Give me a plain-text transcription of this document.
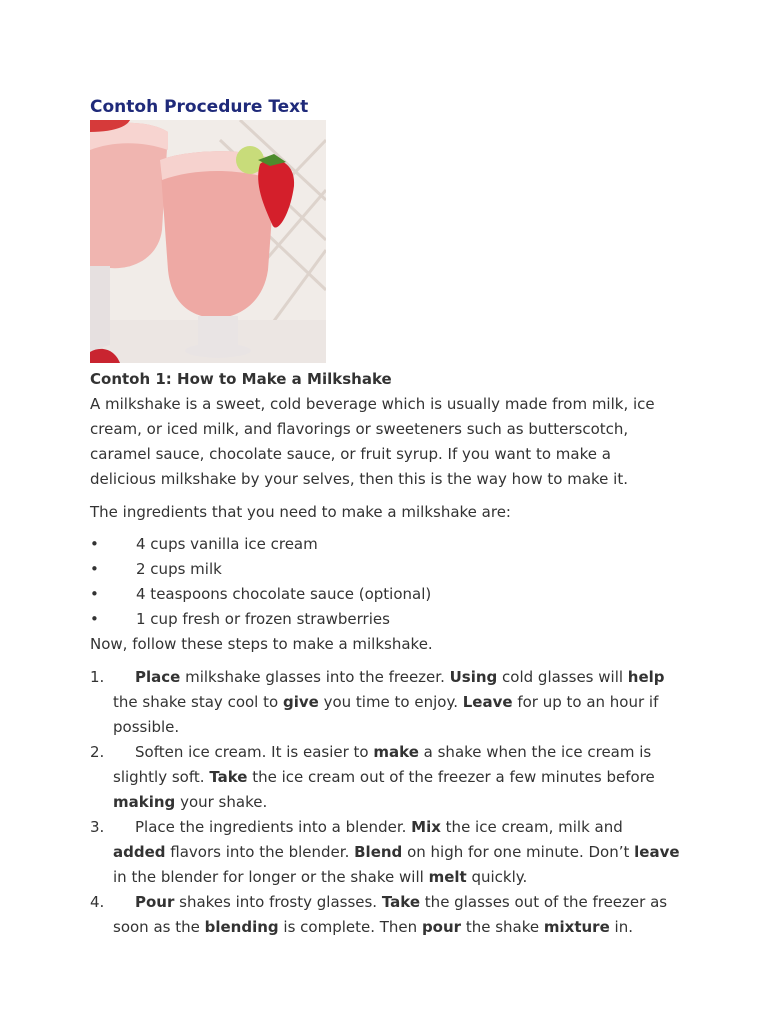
Contoh Procedure Text
Contoh 1: How to Make a Milkshake

A milkshake is a sweet, cold beverage which is usually made from milk, ice cream, or iced milk, and flavorings or sweeteners such as butterscotch, caramel sauce, chocolate sauce, or fruit syrup. If you want to make a delicious milkshake by your selves, then this is the way how to make it.

The ingredients that you need to make a milkshake are:

• 4 cups vanilla ice cream
• 2 cups milk
• 4 teaspoons chocolate sauce (optional)
• 1 cup fresh or frozen strawberries

Now, follow these steps to make a milkshake.

1. Place milkshake glasses into the freezer. Using cold glasses will help the shake stay cool to give you time to enjoy. Leave for up to an hour if possible.
2. Soften ice cream. It is easier to make a shake when the ice cream is slightly soft. Take the ice cream out of the freezer a few minutes before making your shake.
3. Place the ingredients into a blender. Mix the ice cream, milk and added flavors into the blender. Blend on high for one minute. Don’t leave in the blender for longer or the shake will melt quickly.
4. Pour shakes into frosty glasses. Take the glasses out of the freezer as soon as the blending is complete. Then pour the shake mixture in.
